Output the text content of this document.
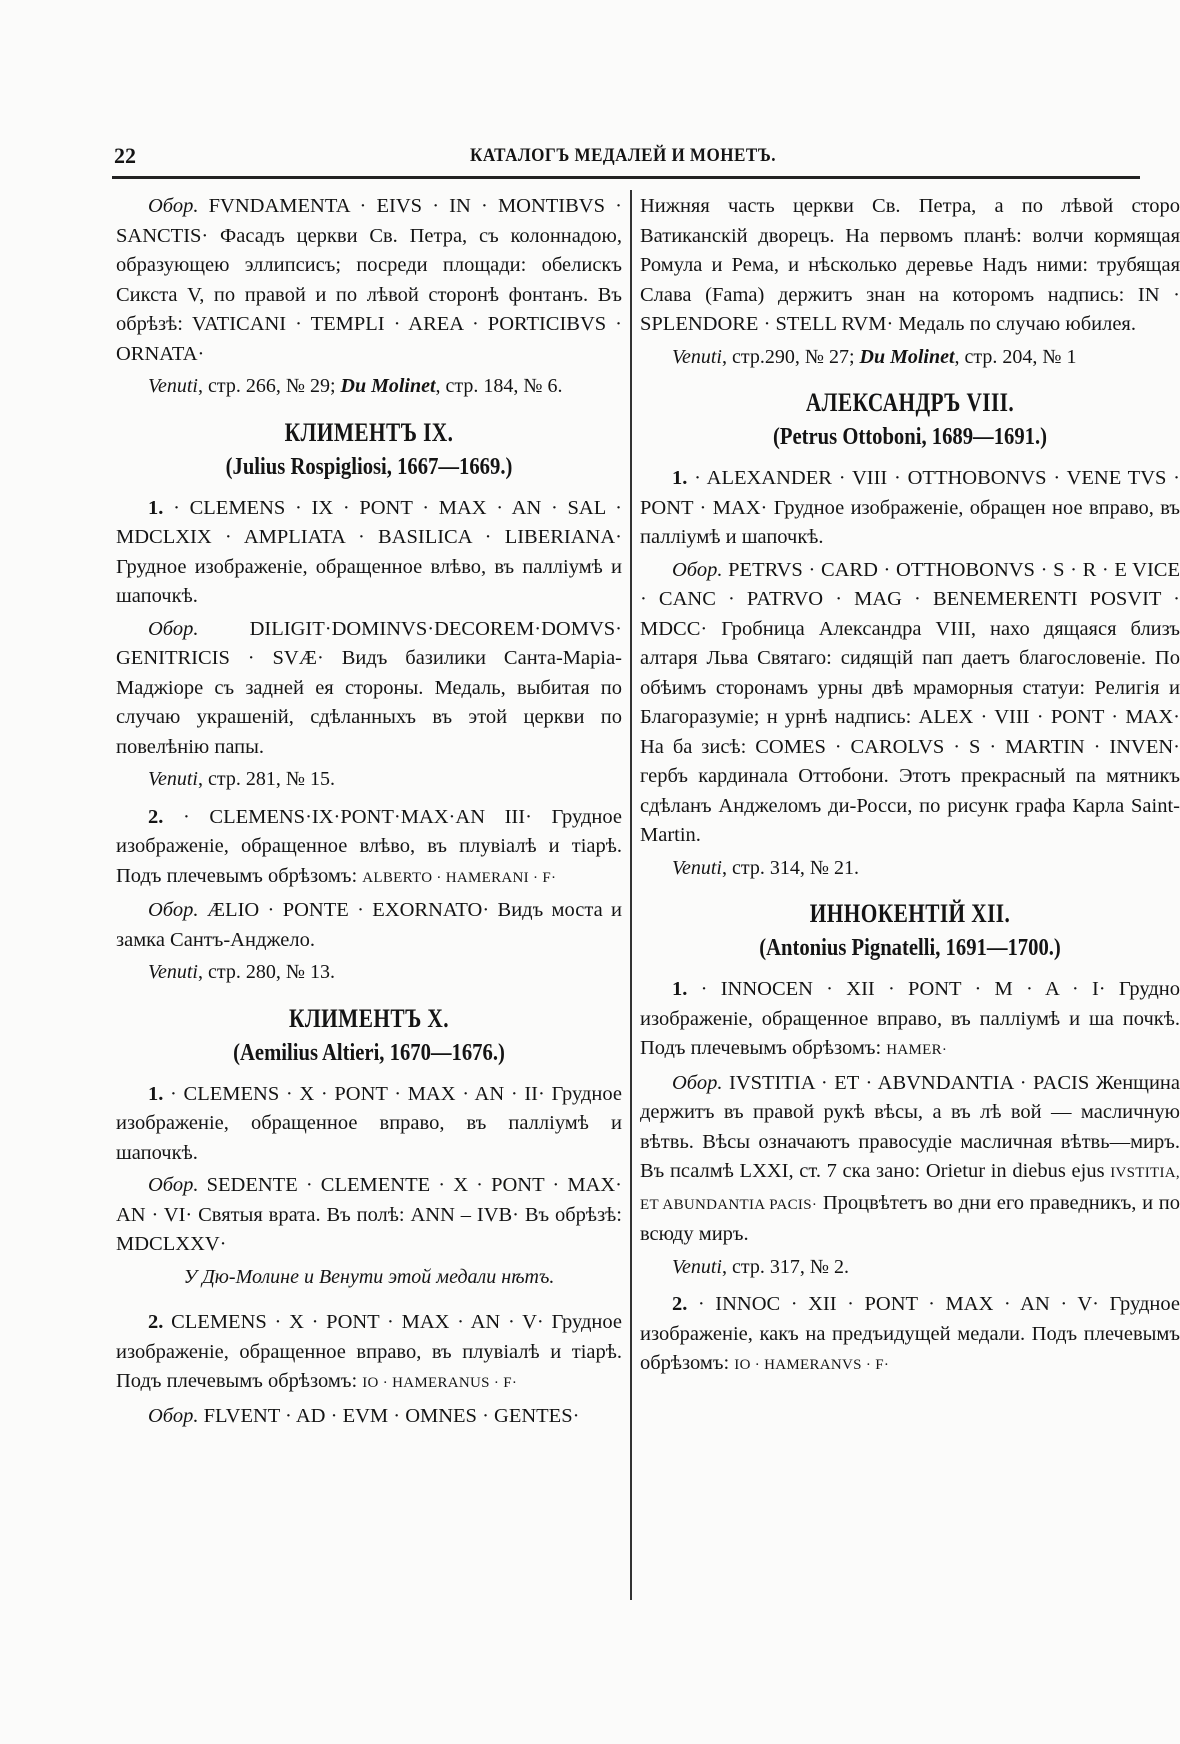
22	КАТАЛОГЪ МЕДАЛЕЙ И МОНЕТЪ.

Обор. FVNDAMENTA · EIVS · IN · MONTIBVS · SANCTIS· Фасадъ церкви Св. Петра, съ колоннадою, образующею эллипсисъ; посреди площади: обелискъ Сикста V, по правой и по лѣвой сторонѣ фонтанъ. Въ обрѣзѣ: VATICANI · TEMPLI · AREA · PORTICIBVS · ORNATA·

Venuti, стр. 266, № 29; Du Molinet, стр. 184, № 6.

КЛИМЕНТЪ IX.
(Julius Rospigliosi, 1667—1669.)

1. · CLEMENS · IX · PONT · MAX · AN · SAL · MDCLXIX · AMPLIATA · BASILICA · LIBERIANA· Грудное изображеніе, обращенное влѣво, въ палліумѣ и шапочкѣ.

Обор. DILIGIT·DOMINVS·DECOREM·DOMVS· GENITRICIS · SVÆ· Видъ базилики Санта-Маріа-Маджіоре съ задней ея стороны. Медаль, выбитая по случаю украшеній, сдѣланныхъ въ этой церкви по повелѣнію папы.

Venuti, стр. 281, № 15.

2. · CLEMENS·IX·PONT·MAX·AN III· Грудное изображеніе, обращенное влѣво, въ плувіалѣ и тіарѣ. Подъ плечевымъ обрѣзомъ: ALBERTO · HAMERANI · F·

Обор. ÆLIO · PONTE · EXORNATO· Видъ моста и замка Сантъ-Анджело.

Venuti, стр. 280, № 13.

КЛИМЕНТЪ X.
(Aemilius Altieri, 1670—1676.)

1. · CLEMENS · X · PONT · MAX · AN · II· Грудное изображеніе, обращенное вправо, въ палліумѣ и шапочкѣ.

Обор. SEDENTE · CLEMENTE · X · PONT · MAX· AN · VI· Святыя врата. Въ полѣ: ANN – IVB· Въ обрѣзѣ: MDCLXXV·

У Дю-Молине и Венути этой медали нѣтъ.

2. CLEMENS · X · PONT · MAX · AN · V· Грудное изображеніе, обращенное вправо, въ плувіалѣ и тіарѣ. Подъ плечевымъ обрѣзомъ: IO · HAMERANUS · F·

Обор. FLVENT · AD · EVM · OMNES · GENTES·

Нижняя часть церкви Св. Петра, а по лѣвой сторо Ватиканскій дворецъ. На первомъ планѣ: волчи кормящая Ромула и Рема, и нѣсколько деревье Надъ ними: трубящая Слава (Fama) держитъ знан на которомъ надпись: IN · SPLENDORE · STELL RVM· Медаль по случаю юбилея.

Venuti, стр.290, № 27; Du Molinet, стр. 204, № 1

АЛЕКСАНДРЪ VIII.
(Petrus Ottoboni, 1689—1691.)

1. · ALEXANDER · VIII · OTTHOBONVS · VENE TVS · PONT · MAX· Грудное изображеніе, обращен ное вправо, въ палліумѣ и шапочкѣ.

Обор. PETRVS · CARD · OTTHOBONVS · S · R · E VICE · CANC · PATRVO · MAG · BENEMERENTI POSVIT · MDCC· Гробница Александра VIII, нахо дящаяся близъ алтаря Льва Святаго: сидящій пап даетъ благословеніе. По обѣимъ сторонамъ урны двѣ мраморныя статуи: Религія и Благоразуміе; н урнѣ надпись: ALEX · VIII · PONT · MAX· На ба зисѣ: COMES · CAROLVS · S · MARTIN · INVEN· гербъ кардинала Оттобони. Этотъ прекрасный па мятникъ сдѣланъ Анджеломъ ди-Росси, по рисунк графа Карла Saint-Martin.

Venuti, стр. 314, № 21.

ИННОКЕНТІЙ XII.
(Antonius Pignatelli, 1691—1700.)

1. · INNOCEN · XII · PONT · M · A · I· Грудно изображеніе, обращенное вправо, въ палліумѣ и ша почкѣ. Подъ плечевымъ обрѣзомъ: HAMER·

Обор. IVSTITIA · ET · ABVNDANTIA · PACIS Женщина держитъ въ правой рукѣ вѣсы, а въ лѣ вой — масличную вѣтвь. Вѣсы означаютъ правосудіе масличная вѣтвь—миръ. Въ псалмѣ LXXI, ст. 7 ска зано: Orietur in diebus ejus IVSTITIA, ET ABUNDANTIA PACIS· Процвѣтетъ во дни его праведникъ, и по всюду миръ.

Venuti, стр. 317, № 2.

2. · INNOC · XII · PONT · MAX · AN · V· Грудное изображеніе, какъ на предъидущей медали. Подъ плечевымъ обрѣзомъ: IO · HAMERANVS · F·
